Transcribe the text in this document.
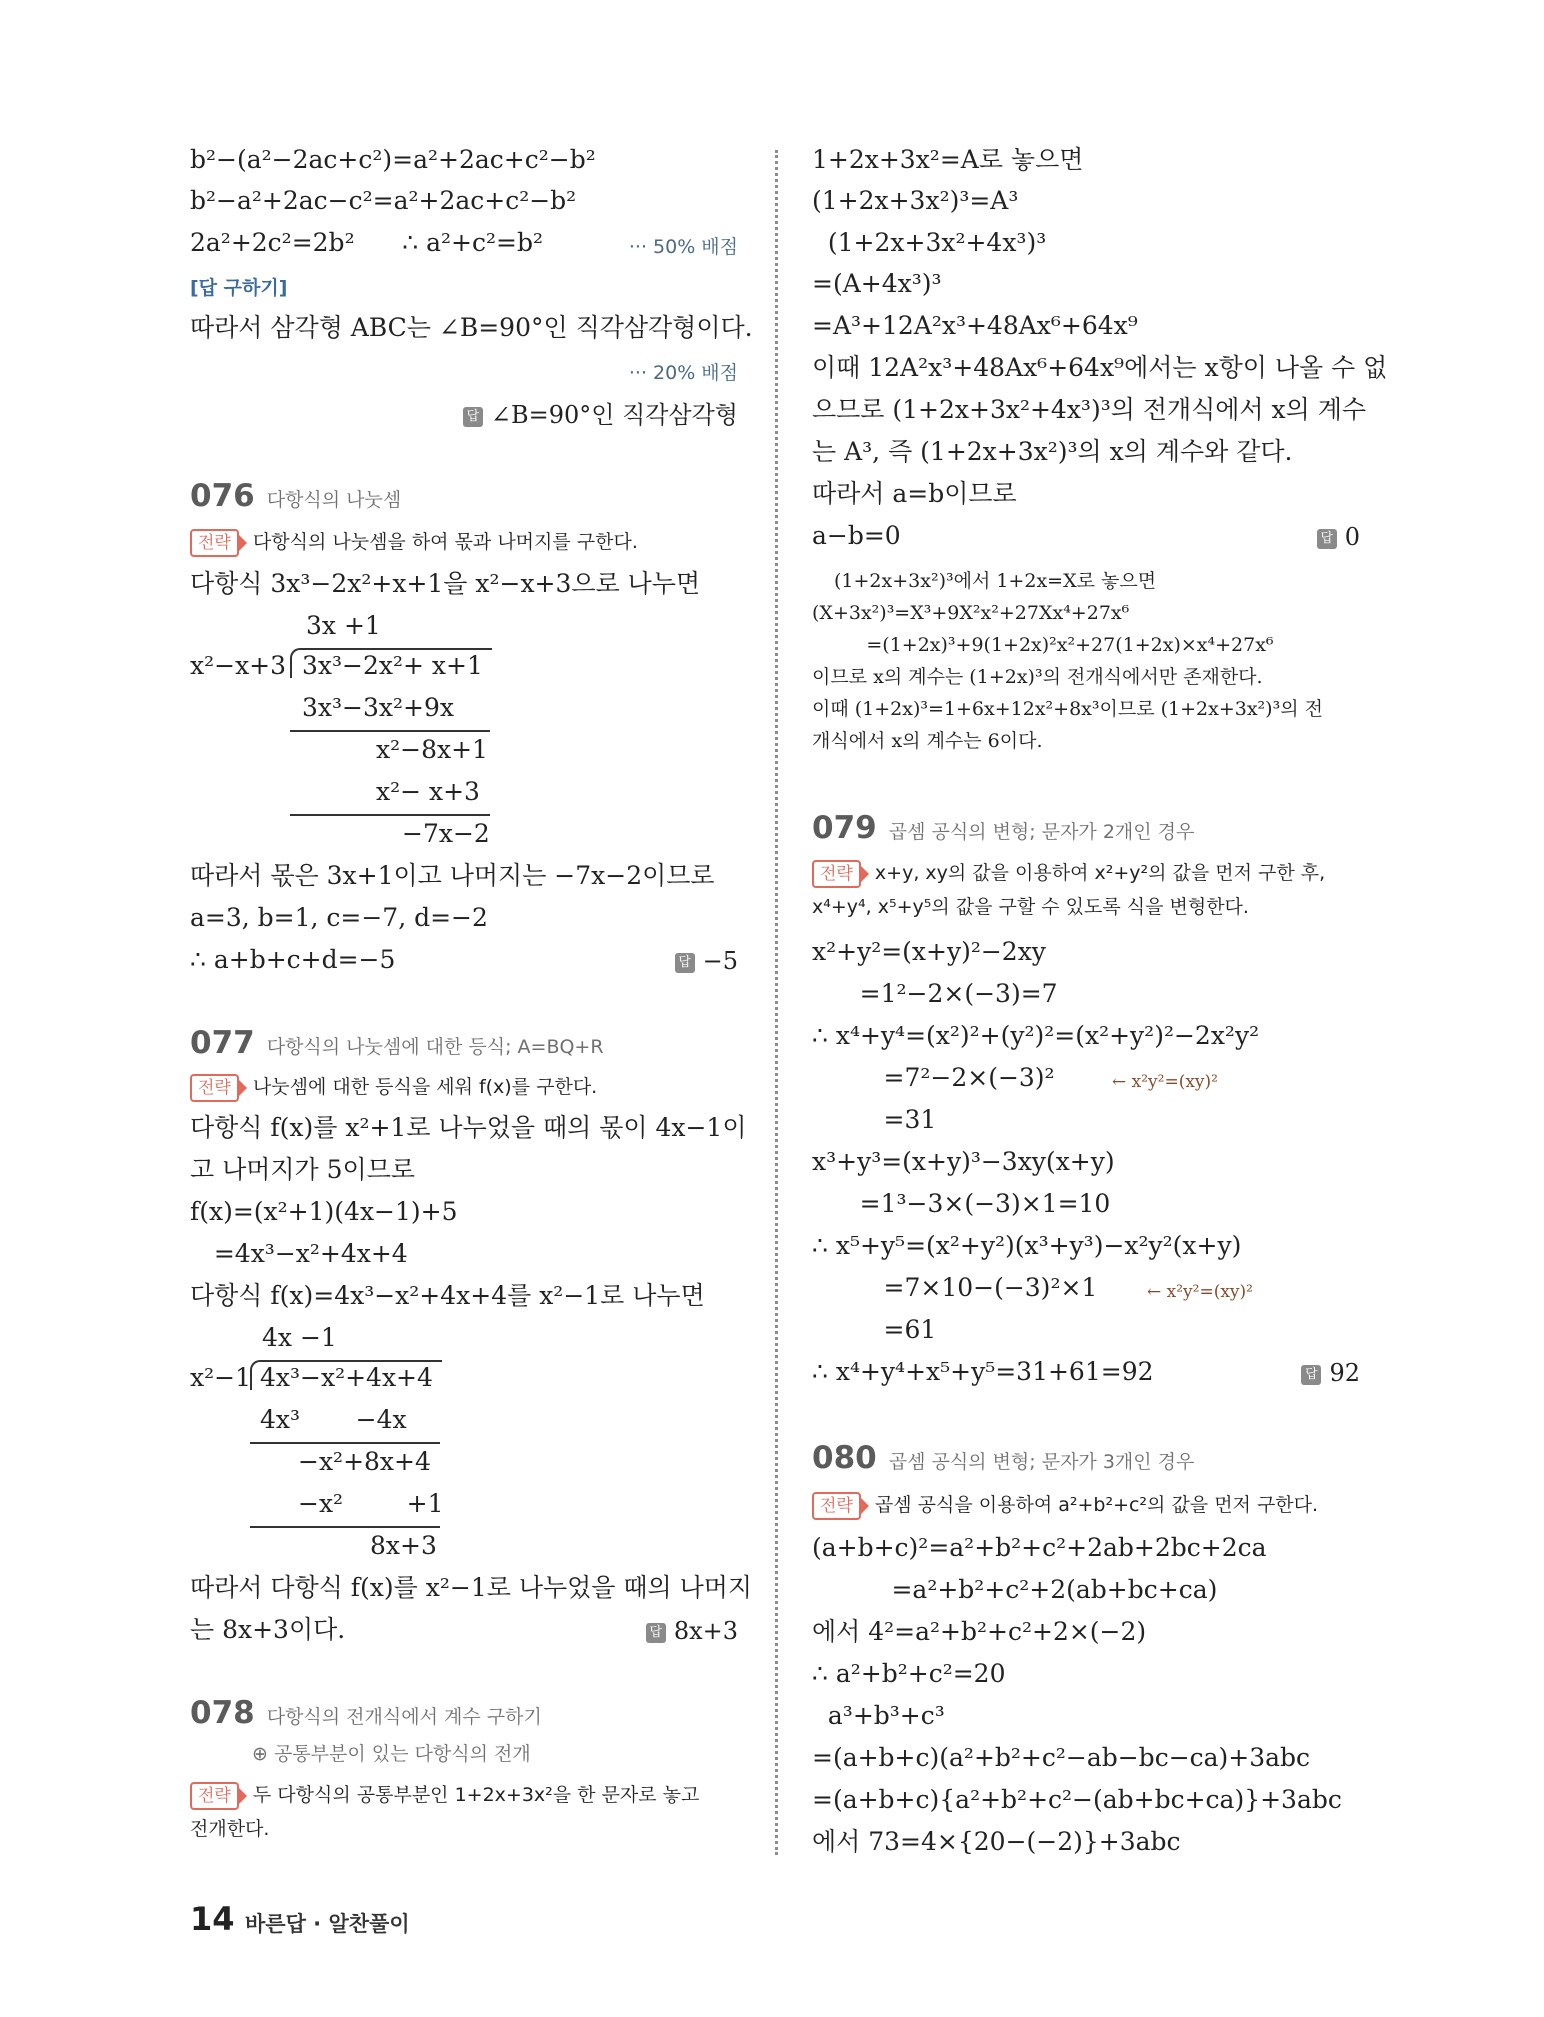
b²−(a²−2ac+c²)=a²+2ac+c²−b²
b²−a²+2ac−c²=a²+2ac+c²−b²
2a²+2c²=2b²      ∴ a²+c²=b²	··· 50% 배점
[답 구하기]
따라서 삼각형 ABC는 ∠B=90°인 직각삼각형이다.
··· 20% 배점
답 ∠B=90°인 직각삼각형
076 다항식의 나눗셈
전략 다항식의 나눗셈을 하여 몫과 나머지를 구한다.
다항식 3x³−2x²+x+1을 x²−x+3으로 나누면
3x +1
x²−x+3 3x³−2x²+ x+1
3x³−3x²+9x
x²−8x+1
x²− x+3
−7x−2
따라서 몫은 3x+1이고 나머지는 −7x−2이므로
a=3, b=1, c=−7, d=−2
∴ a+b+c+d=−5	답 −5
077 다항식의 나눗셈에 대한 등식; A=BQ+R
전략 나눗셈에 대한 등식을 세워 f(x)를 구한다.
다항식 f(x)를 x²+1로 나누었을 때의 몫이 4x−1이
고 나머지가 5이므로
f(x)=(x²+1)(4x−1)+5
=4x³−x²+4x+4
다항식 f(x)=4x³−x²+4x+4를 x²−1로 나누면
4x −1
x²−1 4x³−x²+4x+4
4x³       −4x
−x²+8x+4
−x²        +1
8x+3
따라서 다항식 f(x)를 x²−1로 나누었을 때의 나머지
는 8x+3이다.	답 8x+3
078 다항식의 전개식에서 계수 구하기
⊕ 공통부분이 있는 다항식의 전개
전략 두 다항식의 공통부분인 1+2x+3x²을 한 문자로 놓고
전개한다.
1+2x+3x²=A로 놓으면
(1+2x+3x²)³=A³
(1+2x+3x²+4x³)³
=(A+4x³)³
=A³+12A²x³+48Ax⁶+64x⁹
이때 12A²x³+48Ax⁶+64x⁹에서는 x항이 나올 수 없
으므로 (1+2x+3x²+4x³)³의 전개식에서 x의 계수
는 A³, 즉 (1+2x+3x²)³의 x의 계수와 같다.
따라서 a=b이므로
a−b=0	답 0
(1+2x+3x²)³에서 1+2x=X로 놓으면
(X+3x²)³=X³+9X²x²+27Xx⁴+27x⁶
=(1+2x)³+9(1+2x)²x²+27(1+2x)×x⁴+27x⁶
이므로 x의 계수는 (1+2x)³의 전개식에서만 존재한다.
이때 (1+2x)³=1+6x+12x²+8x³이므로 (1+2x+3x²)³의 전
개식에서 x의 계수는 6이다.
079 곱셈 공식의 변형; 문자가 2개인 경우
전략 x+y, xy의 값을 이용하여 x²+y²의 값을 먼저 구한 후,
x⁴+y⁴, x⁵+y⁵의 값을 구할 수 있도록 식을 변형한다.
x²+y²=(x+y)²−2xy
=1²−2×(−3)=7
∴ x⁴+y⁴=(x²)²+(y²)²=(x²+y²)²−2x²y²
=7²−2×(−3)²	← x²y²=(xy)²
=31
x³+y³=(x+y)³−3xy(x+y)
=1³−3×(−3)×1=10
∴ x⁵+y⁵=(x²+y²)(x³+y³)−x²y²(x+y)
=7×10−(−3)²×1	← x²y²=(xy)²
=61
∴ x⁴+y⁴+x⁵+y⁵=31+61=92	답 92
080 곱셈 공식의 변형; 문자가 3개인 경우
전략 곱셈 공식을 이용하여 a²+b²+c²의 값을 먼저 구한다.
(a+b+c)²=a²+b²+c²+2ab+2bc+2ca
=a²+b²+c²+2(ab+bc+ca)
에서 4²=a²+b²+c²+2×(−2)
∴ a²+b²+c²=20
a³+b³+c³
=(a+b+c)(a²+b²+c²−ab−bc−ca)+3abc
=(a+b+c){a²+b²+c²−(ab+bc+ca)}+3abc
에서 73=4×{20−(−2)}+3abc
14 바른답 · 알찬풀이
